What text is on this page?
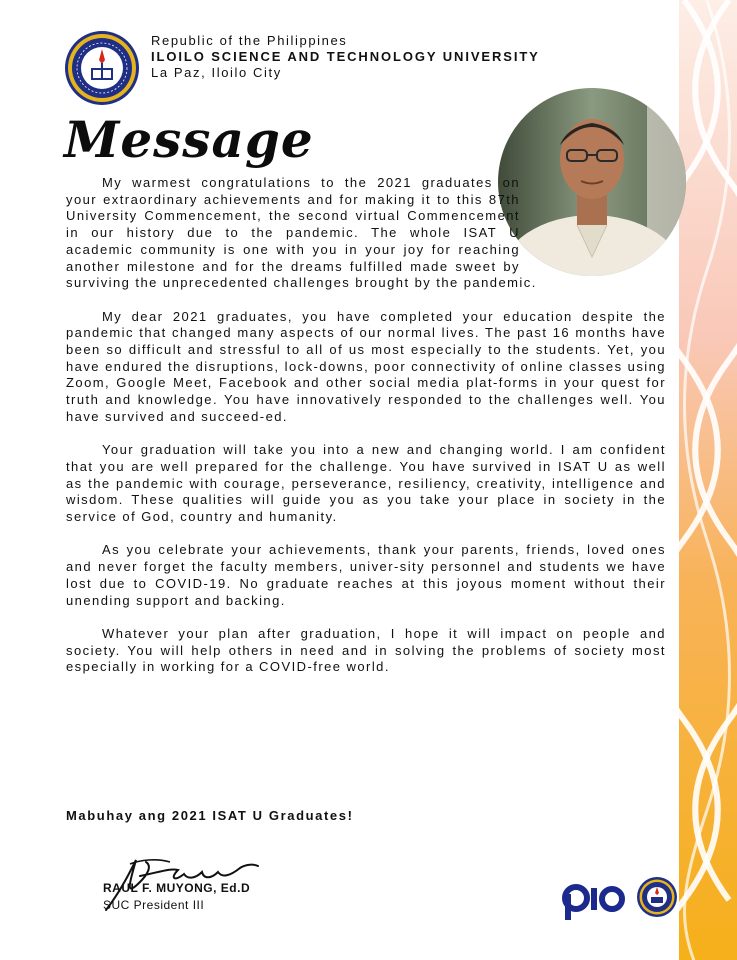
Republic of the Philippines
ILOILO SCIENCE AND TECHNOLOGY UNIVERSITY
La Paz, Iloilo City
Message

My warmest congratulations to the 2021 graduates on your extraordinary achievements and for making it to this 87th University Commencement, the second virtual Commencement in our history due to the pandemic. The whole ISAT U academic community is one with you in your joy for reaching another milestone and for the dreams fulfilled made sweet by surviving the unprecedented challenges brought by the pandemic.

My dear 2021 graduates, you have completed your education despite the pandemic that changed many aspects of our normal lives. The past 16 months have been so difficult and stressful to all of us most especially to the students. Yet, you have endured the disruptions, lock-downs, poor connectivity of online classes using Zoom, Google Meet, Facebook and other social media plat-forms in your quest for truth and knowledge. You have innovatively responded to the challenges well. You have survived and succeed-ed.

Your graduation will take you into a new and changing world. I am confident that you are well prepared for the challenge. You have survived in ISAT U as well as the pandemic with courage, perseverance, resiliency, creativity, intelligence and wisdom. These qualities will guide you as you take your place in society in the service of God, country and humanity.

As you celebrate your achievements, thank your parents, friends, loved ones and never forget the faculty members, univer-sity personnel and students we have lost due to COVID-19. No graduate reaches at this joyous moment without their unending support and backing.

Whatever your plan after graduation, I hope it will impact on people and society. You will help others in need and in solving the problems of society most especially in working for a COVID-free world.

Mabuhay ang 2021 ISAT U Graduates!
RAUL F. MUYONG, Ed.D
SUC President III
